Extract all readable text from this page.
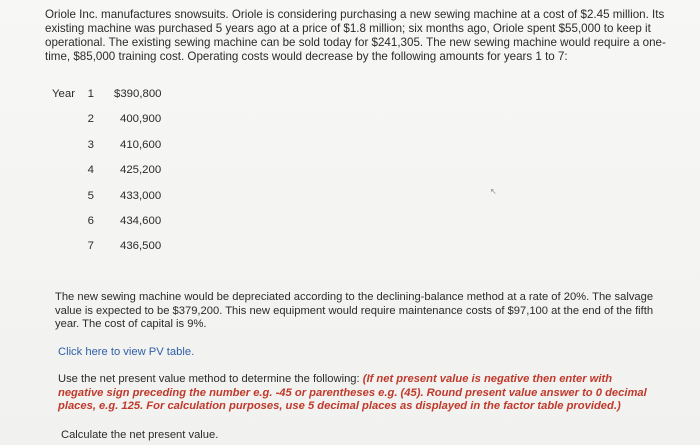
Oriole Inc. manufactures snowsuits. Oriole is considering purchasing a new sewing machine at a cost of $2.45 million. Its existing machine was purchased 5 years ago at a price of $1.8 million; six months ago, Oriole spent $55,000 to keep it operational. The existing sewing machine can be sold today for $241,305. The new sewing machine would require a one-time, $85,000 training cost. Operating costs would decrease by the following amounts for years 1 to 7:

Year	1 $390,800
2 400,900
3 410,600
4 425,200
5 433,000
6 434,600
7 436,500
↖

The new sewing machine would be depreciated according to the declining-balance method at a rate of 20%. The salvage value is expected to be $379,200. This new equipment would require maintenance costs of $97,100 at the end of the fifth year. The cost of capital is 9%.

Click here to view PV table.

Use the net present value method to determine the following: (If net present value is negative then enter with negative sign preceding the number e.g. -45 or parentheses e.g. (45). Round present value answer to 0 decimal places, e.g. 125. For calculation purposes, use 5 decimal places as displayed in the factor table provided.)

Calculate the net present value.
